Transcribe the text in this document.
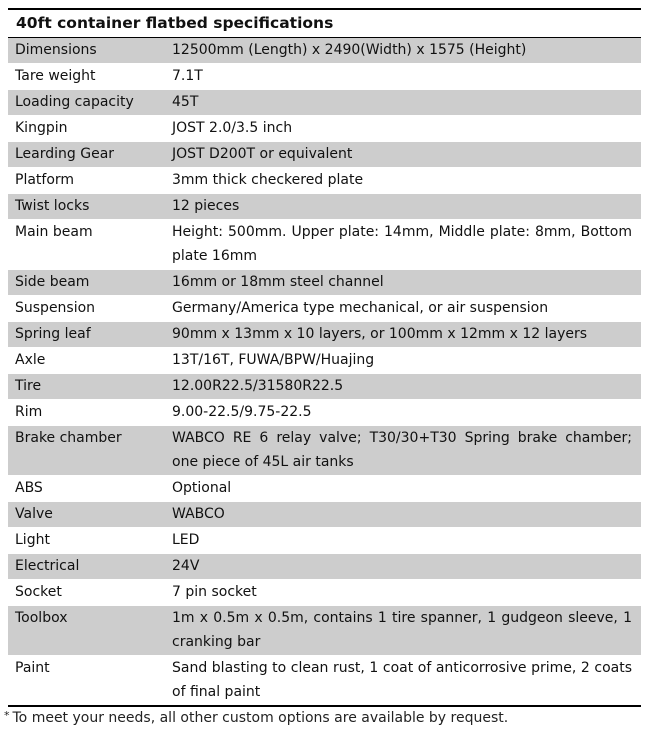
40ft container flatbed specifications
Dimensions	12500mm (Length) x 2490(Width) x 1575 (Height)
Tare weight	7.1T
Loading capacity	45T
Kingpin	JOST 2.0/3.5 inch
Learding Gear	JOST D200T or equivalent
Platform	3mm thick checkered plate
Twist locks	12 pieces
Main beam	Height: 500mm. Upper plate: 14mm, Middle plate: 8mm, Bottom plate 16mm
Side beam	16mm or 18mm steel channel
Suspension	Germany/America type mechanical, or air suspension
Spring leaf	90mm x 13mm x 10 layers, or 100mm x 12mm x 12 layers
Axle	13T/16T, FUWA/BPW/Huajing
Tire	12.00R22.5/31580R22.5
Rim	9.00-22.5/9.75-22.5
Brake chamber	WABCO RE 6 relay valve; T30/30+T30 Spring brake chamber; one piece of 45L air tanks
ABS	Optional
Valve	WABCO
Light	LED
Electrical	24V
Socket	7 pin socket
Toolbox	1m x 0.5m x 0.5m, contains 1 tire spanner, 1 gudgeon sleeve, 1 cranking bar
Paint	Sand blasting to clean rust, 1 coat of anticorrosive prime, 2 coats of final paint
* To meet your needs, all other custom options are available by request.
